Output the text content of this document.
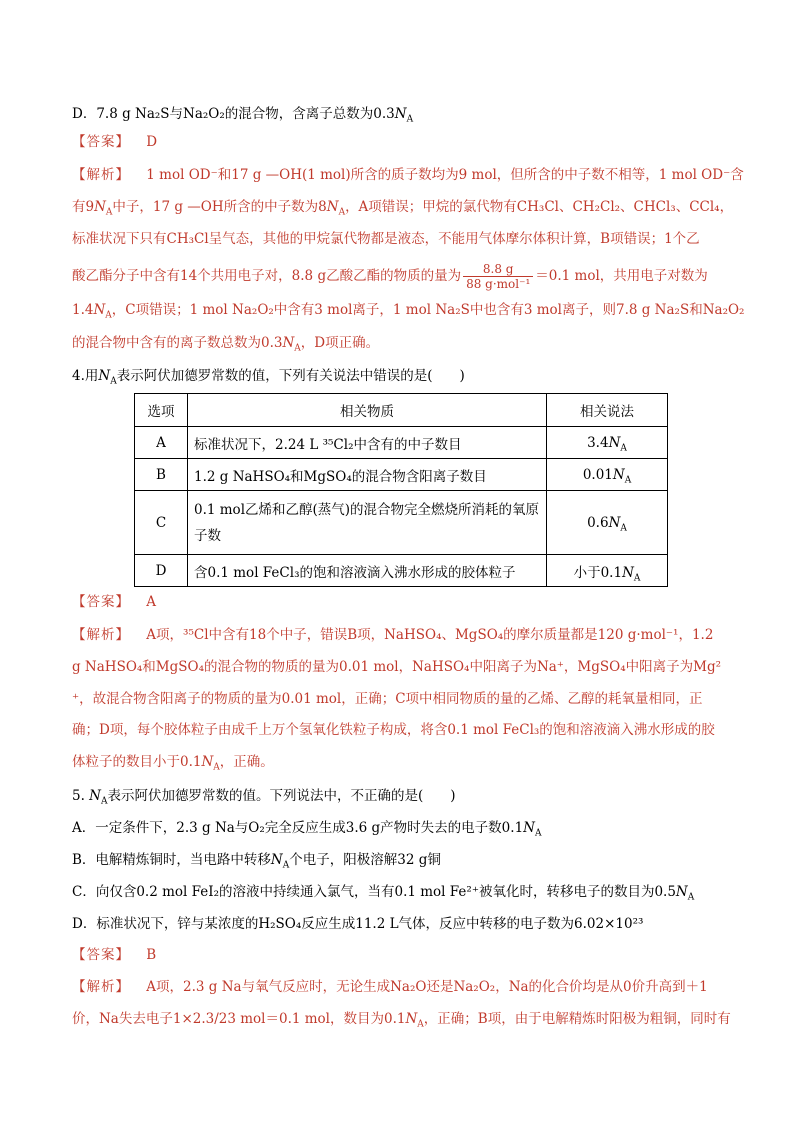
D．7.8 g Na₂S与Na₂O₂的混合物，含离子总数为$0.3N_A$
【答案】 D
【解析】 1 mol OD⁻和17 g —OH(1 mol)所含的质子数均为9 mol，但所含的中子数不相等，1 mol OD⁻含
有$9N_A$中子，17 g —OH所含的中子数为$8N_A$，A项错误；甲烷的氯代物有CH₃Cl、CH₂Cl₂、CHCl₃、CCl₄，
标准状况下只有CH₃Cl呈气态，其他的甲烷氯代物都是液态，不能用气体摩尔体积计算，B项错误；1个乙
酸乙酯分子中含有14个共用电子对，8.8 g乙酸乙酯的物质的量为 $\frac{8.8 g}{\text{88 g·mol⁻¹}} =0.1$ mol，共用电子对数为
$1.4N_A$，C项错误；1 mol Na₂O₂中含有3 mol离子，1 mol Na₂S中也含有3 mol离子，则7.8 g Na₂S和Na₂O₂
的混合物中含有的离子数总数为$0.3N_A$，D项正确。
4.用$N_A$表示阿伏加德罗常数的值，下列有关说法中错误的是(　　)
选项	相关物质	相关说法
A	标准状况下，2.24 L ³⁵Cl₂中含有的中子数目	$3.4N_A$
B	1.2 g NaHSO₄和MgSO₄的混合物含阳离子数目	$0.01N_A$
C	0.1 mol乙烯和乙醇(蒸气)的混合物完全燃烧所消耗的氧原
子数	$0.6N_A$
D	含0.1 mol FeCl₃的饱和溶液滴入沸水形成的胶体粒子	小于$0.1N_A$
【答案】 A
【解析】 A项，³⁵Cl中含有18个中子，错误B项，NaHSO₄、MgSO₄的摩尔质量都是120 g·mol⁻¹，1.2
g NaHSO₄和MgSO₄的混合物的物质的量为0.01 mol，NaHSO₄中阳离子为Na⁺，MgSO₄中阳离子为Mg²
⁺，故混合物含阳离子的物质的量为0.01 mol，正确；C项中相同物质的量的乙烯、乙醇的耗氧量相同，正
确；D项，每个胶体粒子由成千上万个氢氧化铁粒子构成，将含0.1 mol FeCl₃的饱和溶液滴入沸水形成的胶
体粒子的数目小于$0.1N_A$，正确。
5. $N_A$表示阿伏加德罗常数的值。下列说法中，不正确的是(　　)
A．一定条件下，2.3 g Na与O₂完全反应生成3.6 g产物时失去的电子数$0.1N_A$
B．电解精炼铜时，当电路中转移$N_A$个电子，阳极溶解32 g铜
C．向仅含0.2 mol FeI₂的溶液中持续通入氯气，当有0.1 mol Fe²⁺被氧化时，转移电子的数目为$0.5N_A$
D．标准状况下，锌与某浓度的H₂SO₄反应生成11.2 L气体，反应中转移的电子数为6.02×10²³
【答案】 B
【解析】 A项，2.3 g Na与氧气反应时，无论生成Na₂O还是Na₂O₂，Na的化合价均是从0价升高到＋1
价，Na失去电子1×2.3/23 mol＝0.1 mol，数目为$0.1N_A$，正确；B项，由于电解精炼时阳极为粗铜，同时有
